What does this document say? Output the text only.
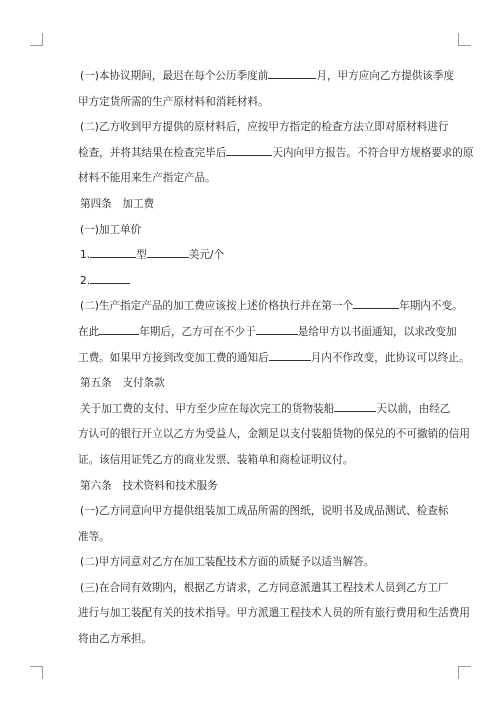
(一)本协议期间，最迟在每个公历季度前	月，甲方应向乙方提供该季度
甲方定货所需的生产原材料和消耗材料。
(二)乙方收到甲方提供的原材料后，应按甲方指定的检查方法立即对原材料进行
检查，并将其结果在检查完毕后	天内向甲方报告。不符合甲方规格要求的原
材料不能用来生产指定产品。
第四条　加工费
(一)加工单价
1.	型	美元/个
2.
(二)生产指定产品的加工费应该按上述价格执行并在第一个	年期内不变。
在此	年期后，乙方可在不少于	是给甲方以书面通知，以求改变加
工费。如果甲方接到改变加工费的通知后	月内不作改变，此协议可以终止。
第五条　支付条款
关于加工费的支付、甲方至少应在每次完工的货物装船	天以前，由经乙
方认可的银行开立以乙方为受益人，金额足以支付装船货物的保兑的不可撤销的信用
证。该信用证凭乙方的商业发票、装箱单和商检证明议付。
第六条　技术资料和技术服务
(一)乙方同意向甲方提供组装加工成品所需的图纸，说明书及成品测试、检查标
准等。
(二)甲方同意对乙方在加工装配技术方面的质疑予以适当解答。
(三)在合同有效期内，根据乙方请求，乙方同意派遣其工程技术人员到乙方工厂
进行与加工装配有关的技术指导。甲方派遣工程技术人员的所有旅行费用和生活费用
将由乙方承担。
